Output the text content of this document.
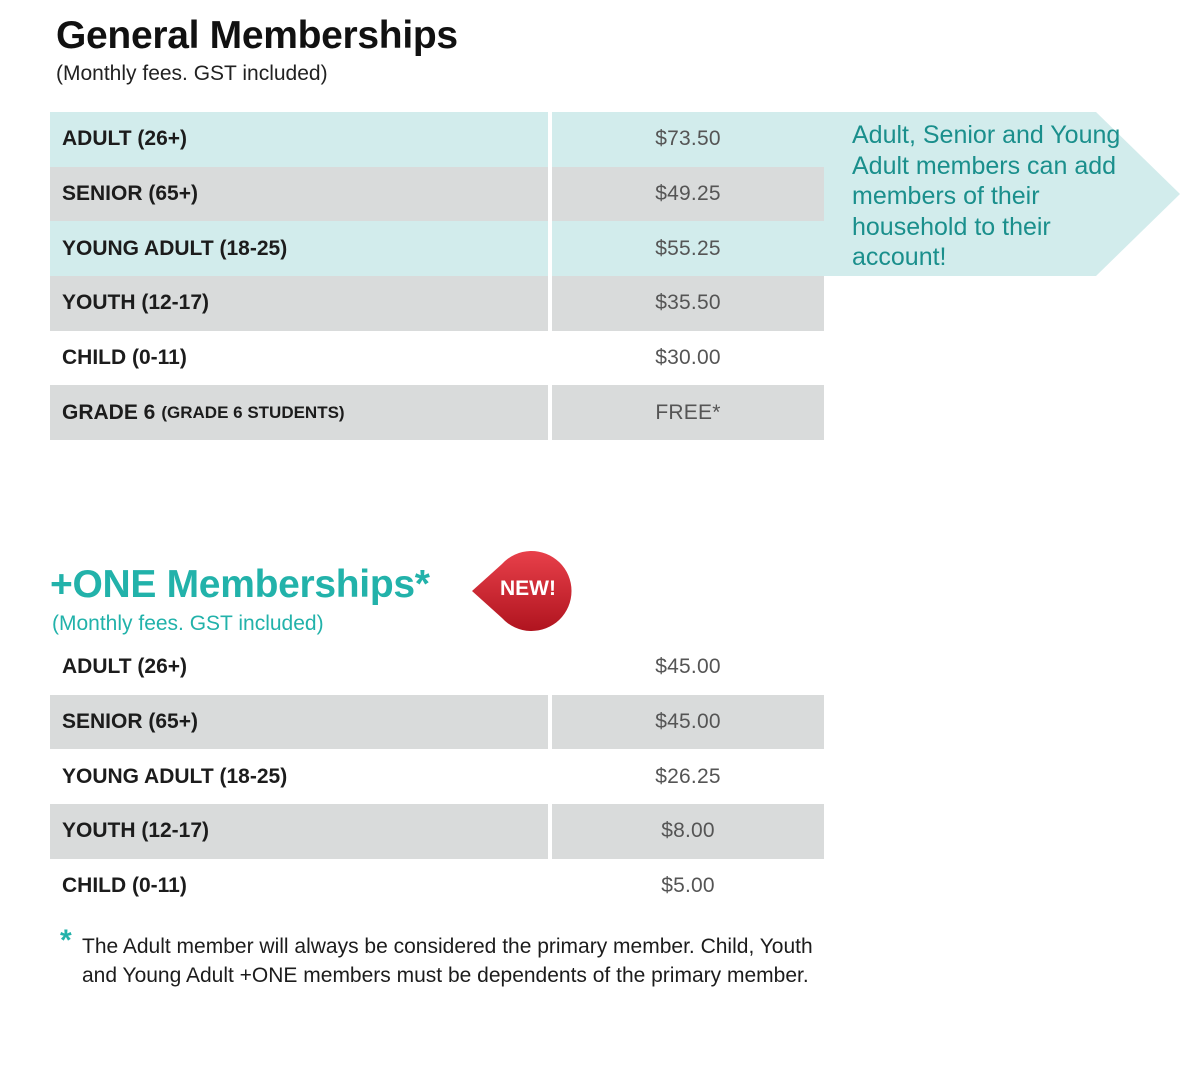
General Memberships
(Monthly fees. GST included)
Adult, Senior and Young Adult members can add members of their household to their account!
ADULT (26+)	$73.50
SENIOR (65+)	$49.25
YOUNG ADULT (18-25)	$55.25
YOUTH (12-17)	$35.50
CHILD (0-11)	$30.00
GRADE 6 (GRADE 6 STUDENTS)	FREE*
+ONE Memberships*
(Monthly fees. GST included)
NEW!
ADULT (26+)	$45.00
SENIOR (65+)	$45.00
YOUNG ADULT (18-25)	$26.25
YOUTH (12-17)	$8.00
CHILD (0-11)	$5.00
* The Adult member will always be considered the primary member. Child, Youth and Young Adult +ONE members must be dependents of the primary member.
